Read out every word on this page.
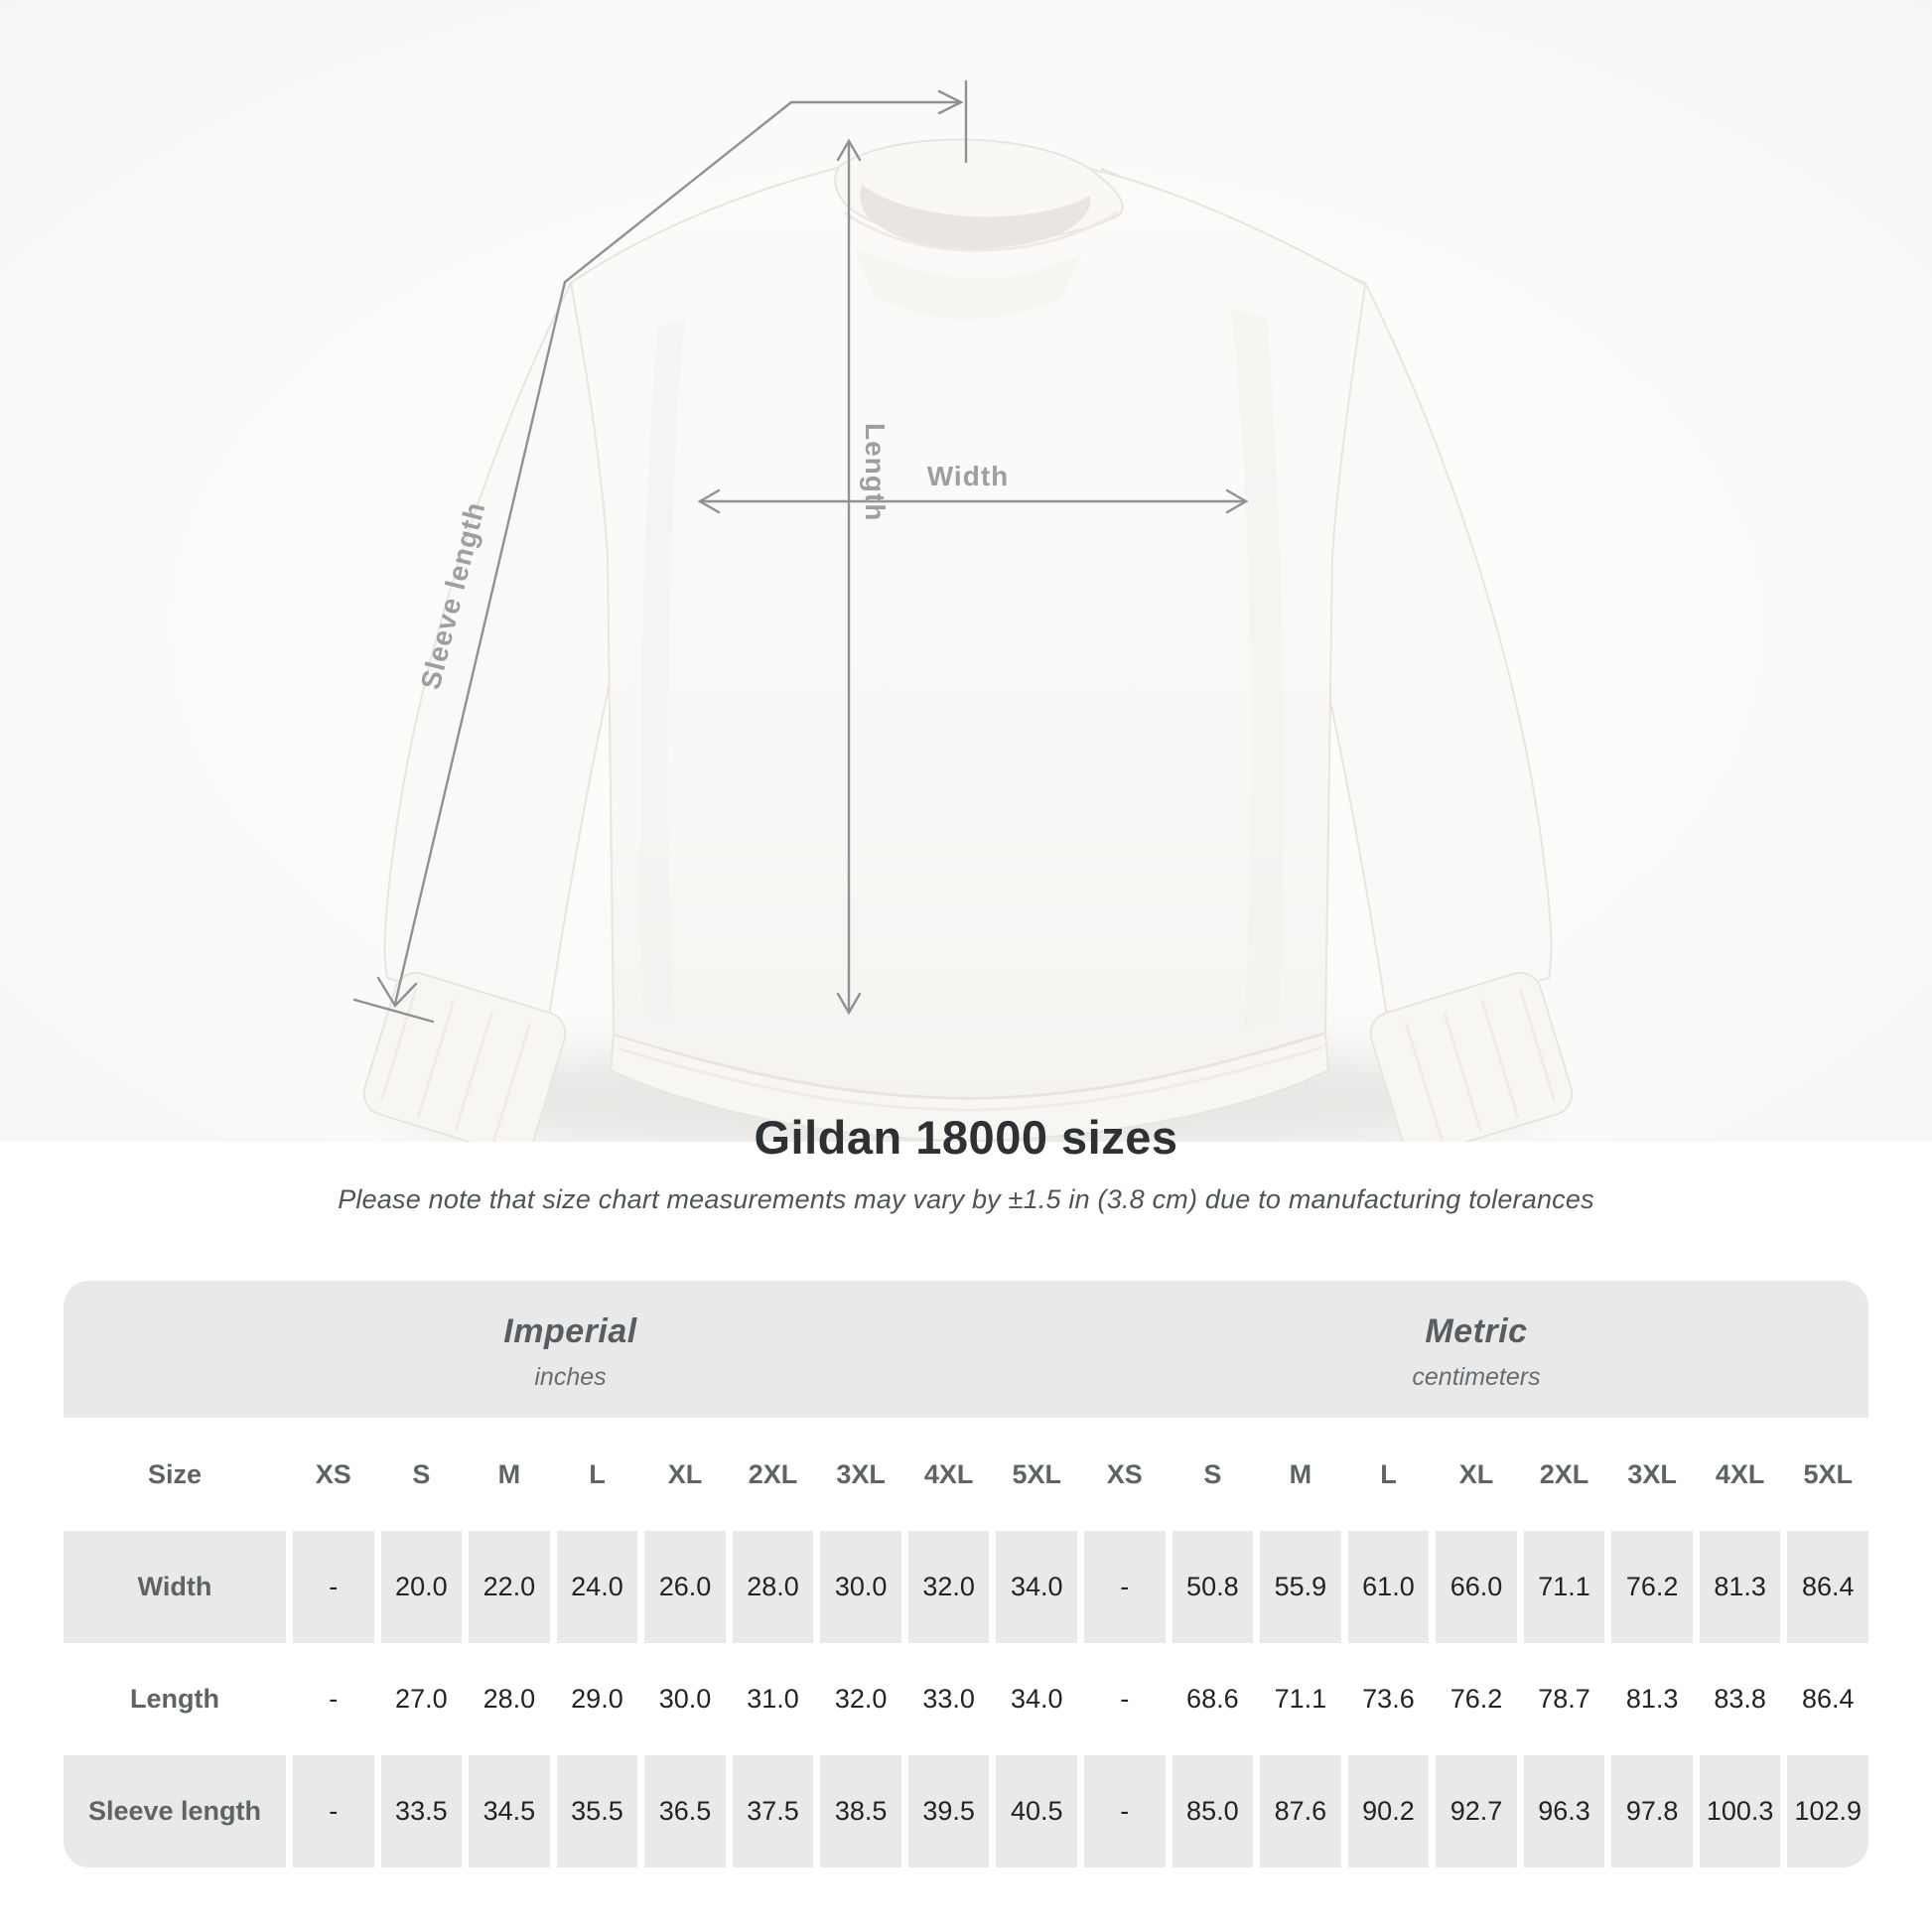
Width
Length
Sleeve length
Gildan 18000 sizes

Please note that size chart measurements may vary by ±1.5 in (3.8 cm) due to manufacturing tolerances

Imperial
inches
Metric
centimeters
Size	XS	S	M	L	XL	2XL	3XL	4XL	5XL	XS	S	M	L	XL	2XL	3XL	4XL	5XL
Width	-	20.0	22.0	24.0	26.0	28.0	30.0	32.0	34.0	-	50.8	55.9	61.0	66.0	71.1	76.2	81.3	86.4
Length	-	27.0	28.0	29.0	30.0	31.0	32.0	33.0	34.0	-	68.6	71.1	73.6	76.2	78.7	81.3	83.8	86.4
Sleeve length	-	33.5	34.5	35.5	36.5	37.5	38.5	39.5	40.5	-	85.0	87.6	90.2	92.7	96.3	97.8	100.3 102.9
